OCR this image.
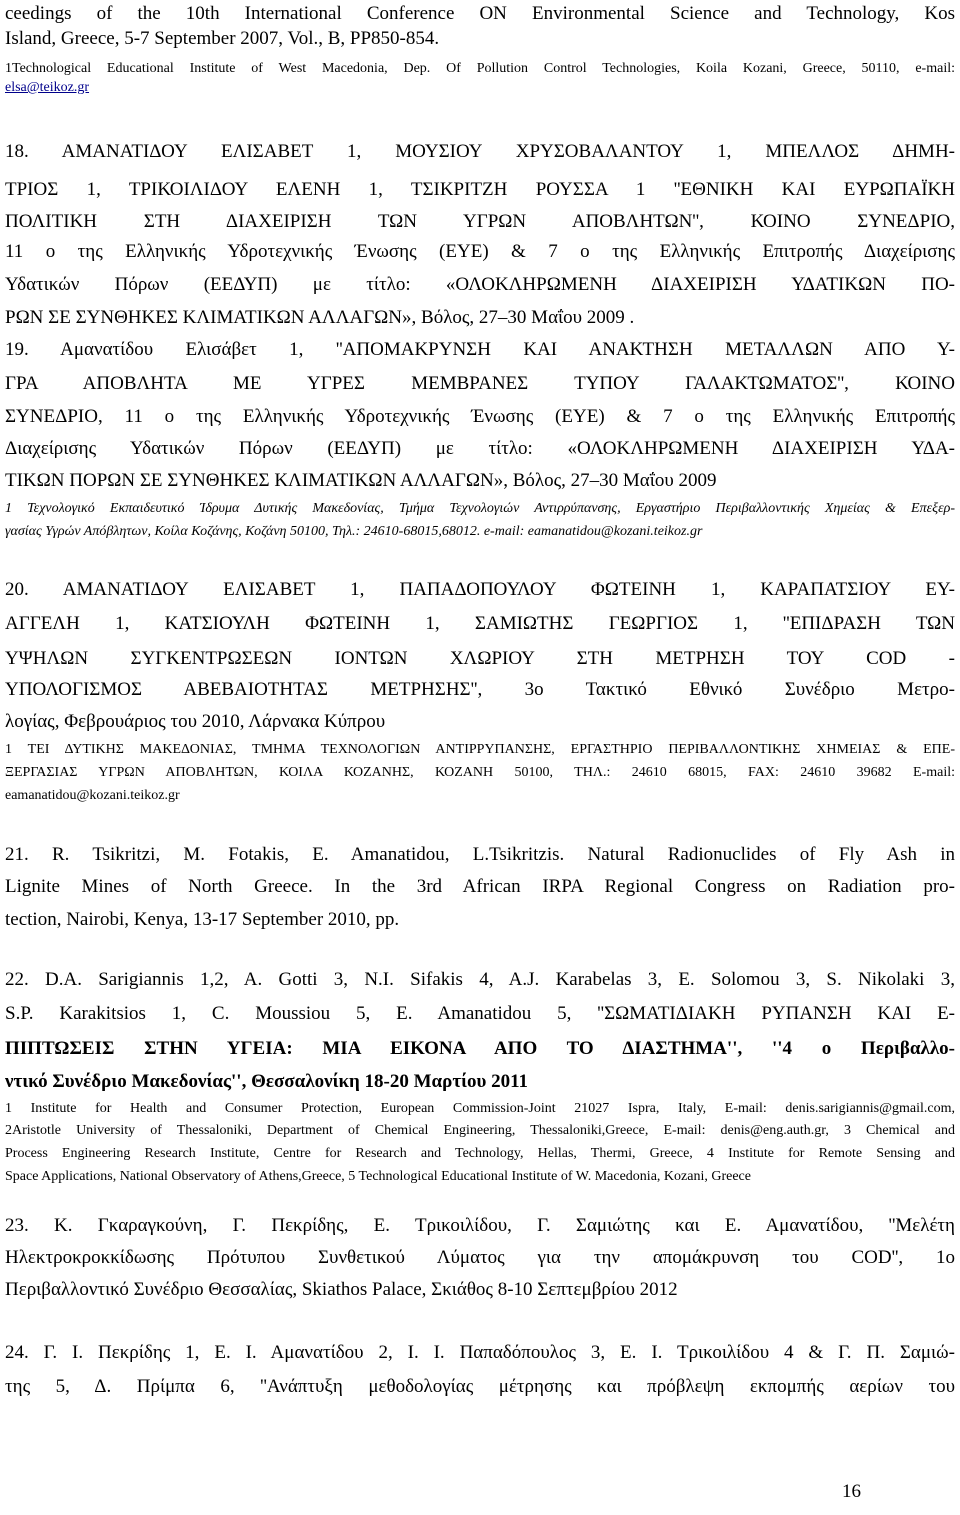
ceedings of the 10th International Conference ON Environmental Science and Technology, Kos
Island, Greece, 5-7 September 2007, Vol., B, PP850-854.
1Technological Educational Institute of West Macedonia, Dep. Of Pollution Control Technologies, Koila Kozani, Greece, 50110, e-mail:
elsa@teikoz.gr
18. ΑΜΑΝΑΤΙΔΟΥ ΕΛΙΣΑΒΕΤ 1, ΜΟΥΣΙΟΥ ΧΡΥΣΟΒΑΛΑΝΤΟΥ 1, ΜΠΕΛΛΟΣ ΔΗΜΗ-
ΤΡΙΟΣ 1, ΤΡΙΚΟΙΛΙΔΟΥ ΕΛΕΝΗ 1, ΤΣΙΚΡΙΤΖΗ ΡΟΥΣΣΑ 1 ''ΕΘΝΙΚΗ ΚΑΙ ΕΥΡΩΠΑΪΚΗ
ΠΟΛΙΤΙΚΗ ΣΤΗ ΔΙΑΧΕΙΡΙΣΗ ΤΩΝ ΥΓΡΩΝ ΑΠΟΒΛΗΤΩΝ'', ΚΟΙΝΟ ΣΥΝΕΔΡΙΟ,
11 ο της Ελληνικής Υδροτεχνικής Ένωσης (ΕΥΕ) & 7 ο της Ελληνικής Επιτροπής Διαχείρισης
Υδατικών Πόρων (ΕΕΔΥΠ) με τίτλο: «ΟΛΟΚΛΗΡΩΜΕΝΗ ΔΙΑΧΕΙΡΙΣΗ ΥΔΑΤΙΚΩΝ ΠΟ-
ΡΩΝ ΣΕ ΣΥΝΘΗΚΕΣ ΚΛΙΜΑΤΙΚΩΝ ΑΛΛΑΓΩΝ», Βόλος, 27–30 Μαΐου 2009 .
19. Αμανατίδου Ελισάβετ 1, ''ΑΠΟΜΑΚΡΥΝΣΗ ΚΑΙ ΑΝΑΚΤΗΣΗ ΜΕΤΑΛΛΩΝ ΑΠΟ Υ-
ΓΡΑ ΑΠΟΒΛΗΤΑ ΜΕ ΥΓΡΕΣ ΜΕΜΒΡΑΝΕΣ ΤΥΠΟΥ ΓΑΛΑΚΤΩΜΑΤΟΣ'', ΚΟΙΝΟ
ΣΥΝΕΔΡΙΟ, 11 ο της Ελληνικής Υδροτεχνικής Ένωσης (ΕΥΕ) & 7 ο της Ελληνικής Επιτροπής
Διαχείρισης Υδατικών Πόρων (ΕΕΔΥΠ) με τίτλο: «ΟΛΟΚΛΗΡΩΜΕΝΗ ΔΙΑΧΕΙΡΙΣΗ ΥΔΑ-
ΤΙΚΩΝ ΠΟΡΩΝ ΣΕ ΣΥΝΘΗΚΕΣ ΚΛΙΜΑΤΙΚΩΝ ΑΛΛΑΓΩΝ», Βόλος, 27–30 Μαΐου 2009
1 Τεχνολογικό Εκπαιδευτικό Ίδρυμα Δυτικής Μακεδονίας, Τμήμα Τεχνολογιών Αντιρρύπανσης, Εργαστήριο Περιβαλλοντικής Χημείας & Επεξερ-
γασίας Υγρών Απόβλητων, Κοίλα Κοζάνης, Κοζάνη 50100, Τηλ.: 24610-68015,68012. e-mail: eamanatidou@kozani.teikoz.gr
20. ΑΜΑΝΑΤΙΔΟΥ ΕΛΙΣΑΒΕΤ 1, ΠΑΠΑΔΟΠΟΥΛΟΥ ΦΩΤΕΙΝΗ 1, ΚΑΡΑΠΑΤΣΙΟΥ ΕΥ-
ΑΓΓΕΛΗ 1, ΚΑΤΣΙΟΥΛΗ ΦΩΤΕΙΝΗ 1, ΣΑΜΙΩΤΗΣ ΓΕΩΡΓΙΟΣ 1, ''ΕΠΙΔΡΑΣΗ ΤΩΝ
ΥΨΗΛΩΝ ΣΥΓΚΕΝΤΡΩΣΕΩΝ ΙΟΝΤΩΝ ΧΛΩΡΙΟΥ ΣΤΗ ΜΕΤΡΗΣΗ ΤΟΥ COD -
ΥΠΟΛΟΓΙΣΜΟΣ ΑΒΕΒΑΙΟΤΗΤΑΣ ΜΕΤΡΗΣΗΣ'', 3ο Τακτικό Εθνικό Συνέδριο Μετρο-
λογίας, Φεβρουάριος του 2010, Λάρνακα Κύπρου
1 ΤΕΙ ΔΥΤΙΚΗΣ ΜΑΚΕΔΟΝΙΑΣ, ΤΜΗΜΑ ΤΕΧΝΟΛΟΓΙΩΝ ΑΝΤΙΡΡΥΠΑΝΣΗΣ, ΕΡΓΑΣΤΗΡΙΟ ΠΕΡΙΒΑΛΛΟΝΤΙΚΗΣ ΧΗΜΕΙΑΣ & ΕΠΕ-
ΞΕΡΓΑΣΙΑΣ ΥΓΡΩΝ ΑΠΟΒΛΗΤΩΝ, ΚΟΙΛΑ ΚΟΖΑΝΗΣ, ΚΟΖΑΝΗ 50100, ΤΗΛ.: 24610 68015, FAX: 24610 39682 E-mail:
eamanatidou@kozani.teikoz.gr
21. R. Tsikritzi, M. Fotakis, E. Amanatidou, L.Tsikritzis. Natural Radionuclides of Fly Ash in
Lignite Mines of North Greece. In the 3rd African IRPA Regional Congress on Radiation pro-
tection, Nairobi, Kenya, 13-17 September 2010, pp.
22. D.A. Sarigiannis 1,2, A. Gotti 3, N.I. Sifakis 4, A.J. Karabelas 3, E. Solomou 3, S. Nikolaki 3,
S.P. Karakitsios 1, C. Moussiou 5, E. Amanatidou 5, ''ΣΩΜΑΤΙΔΙΑΚΗ ΡΥΠΑΝΣΗ ΚΑΙ Ε-
ΠΙΠΤΩΣΕΙΣ ΣΤΗΝ ΥΓΕΙΑ: ΜΙΑ ΕΙΚΟΝΑ ΑΠΟ ΤΟ ΔΙΑΣΤΗΜΑ'', ''4 ο Περιβαλλο-
ντικό Συνέδριο Μακεδονίας'', Θεσσαλονίκη 18-20 Μαρτίου 2011
1 Institute for Health and Consumer Protection, European Commission-Joint 21027 Ispra, Italy, E-mail: denis.sarigiannis@gmail.com,
2Aristotle University of Thessaloniki, Department of Chemical Engineering, Thessaloniki,Greece, E-mail: denis@eng.auth.gr, 3 Chemical and
Process Engineering Research Institute, Centre for Research and Technology, Hellas, Thermi, Greece, 4 Institute for Remote Sensing and
Space Applications, National Observatory of Athens,Greece, 5 Technological Educational Institute of W. Macedonia, Kozani, Greece
23. Κ. Γκαραγκούνη, Γ. Πεκρίδης, Ε. Τρικοιλίδου, Γ. Σαμιώτης και Ε. Αμανατίδου, ''Μελέτη
Ηλεκτροκροκκίδωσης Πρότυπου Συνθετικού Λύματος για την απομάκρυνση του COD'', 1ο
Περιβαλλοντικό Συνέδριο Θεσσαλίας, Skiathos Palace, Σκιάθος 8-10 Σεπτεμβρίου 2012
24. Γ. Ι. Πεκρίδης 1, Ε. Ι. Αμανατίδου 2, Ι. Ι. Παπαδόπουλος 3, Ε. Ι. Τρικοιλίδου 4 & Γ. Π. Σαμιώ-
της 5, Δ. Πρίμπα 6, ''Ανάπτυξη μεθοδολογίας μέτρησης και πρόβλεψη εκπομπής αερίων του
16
